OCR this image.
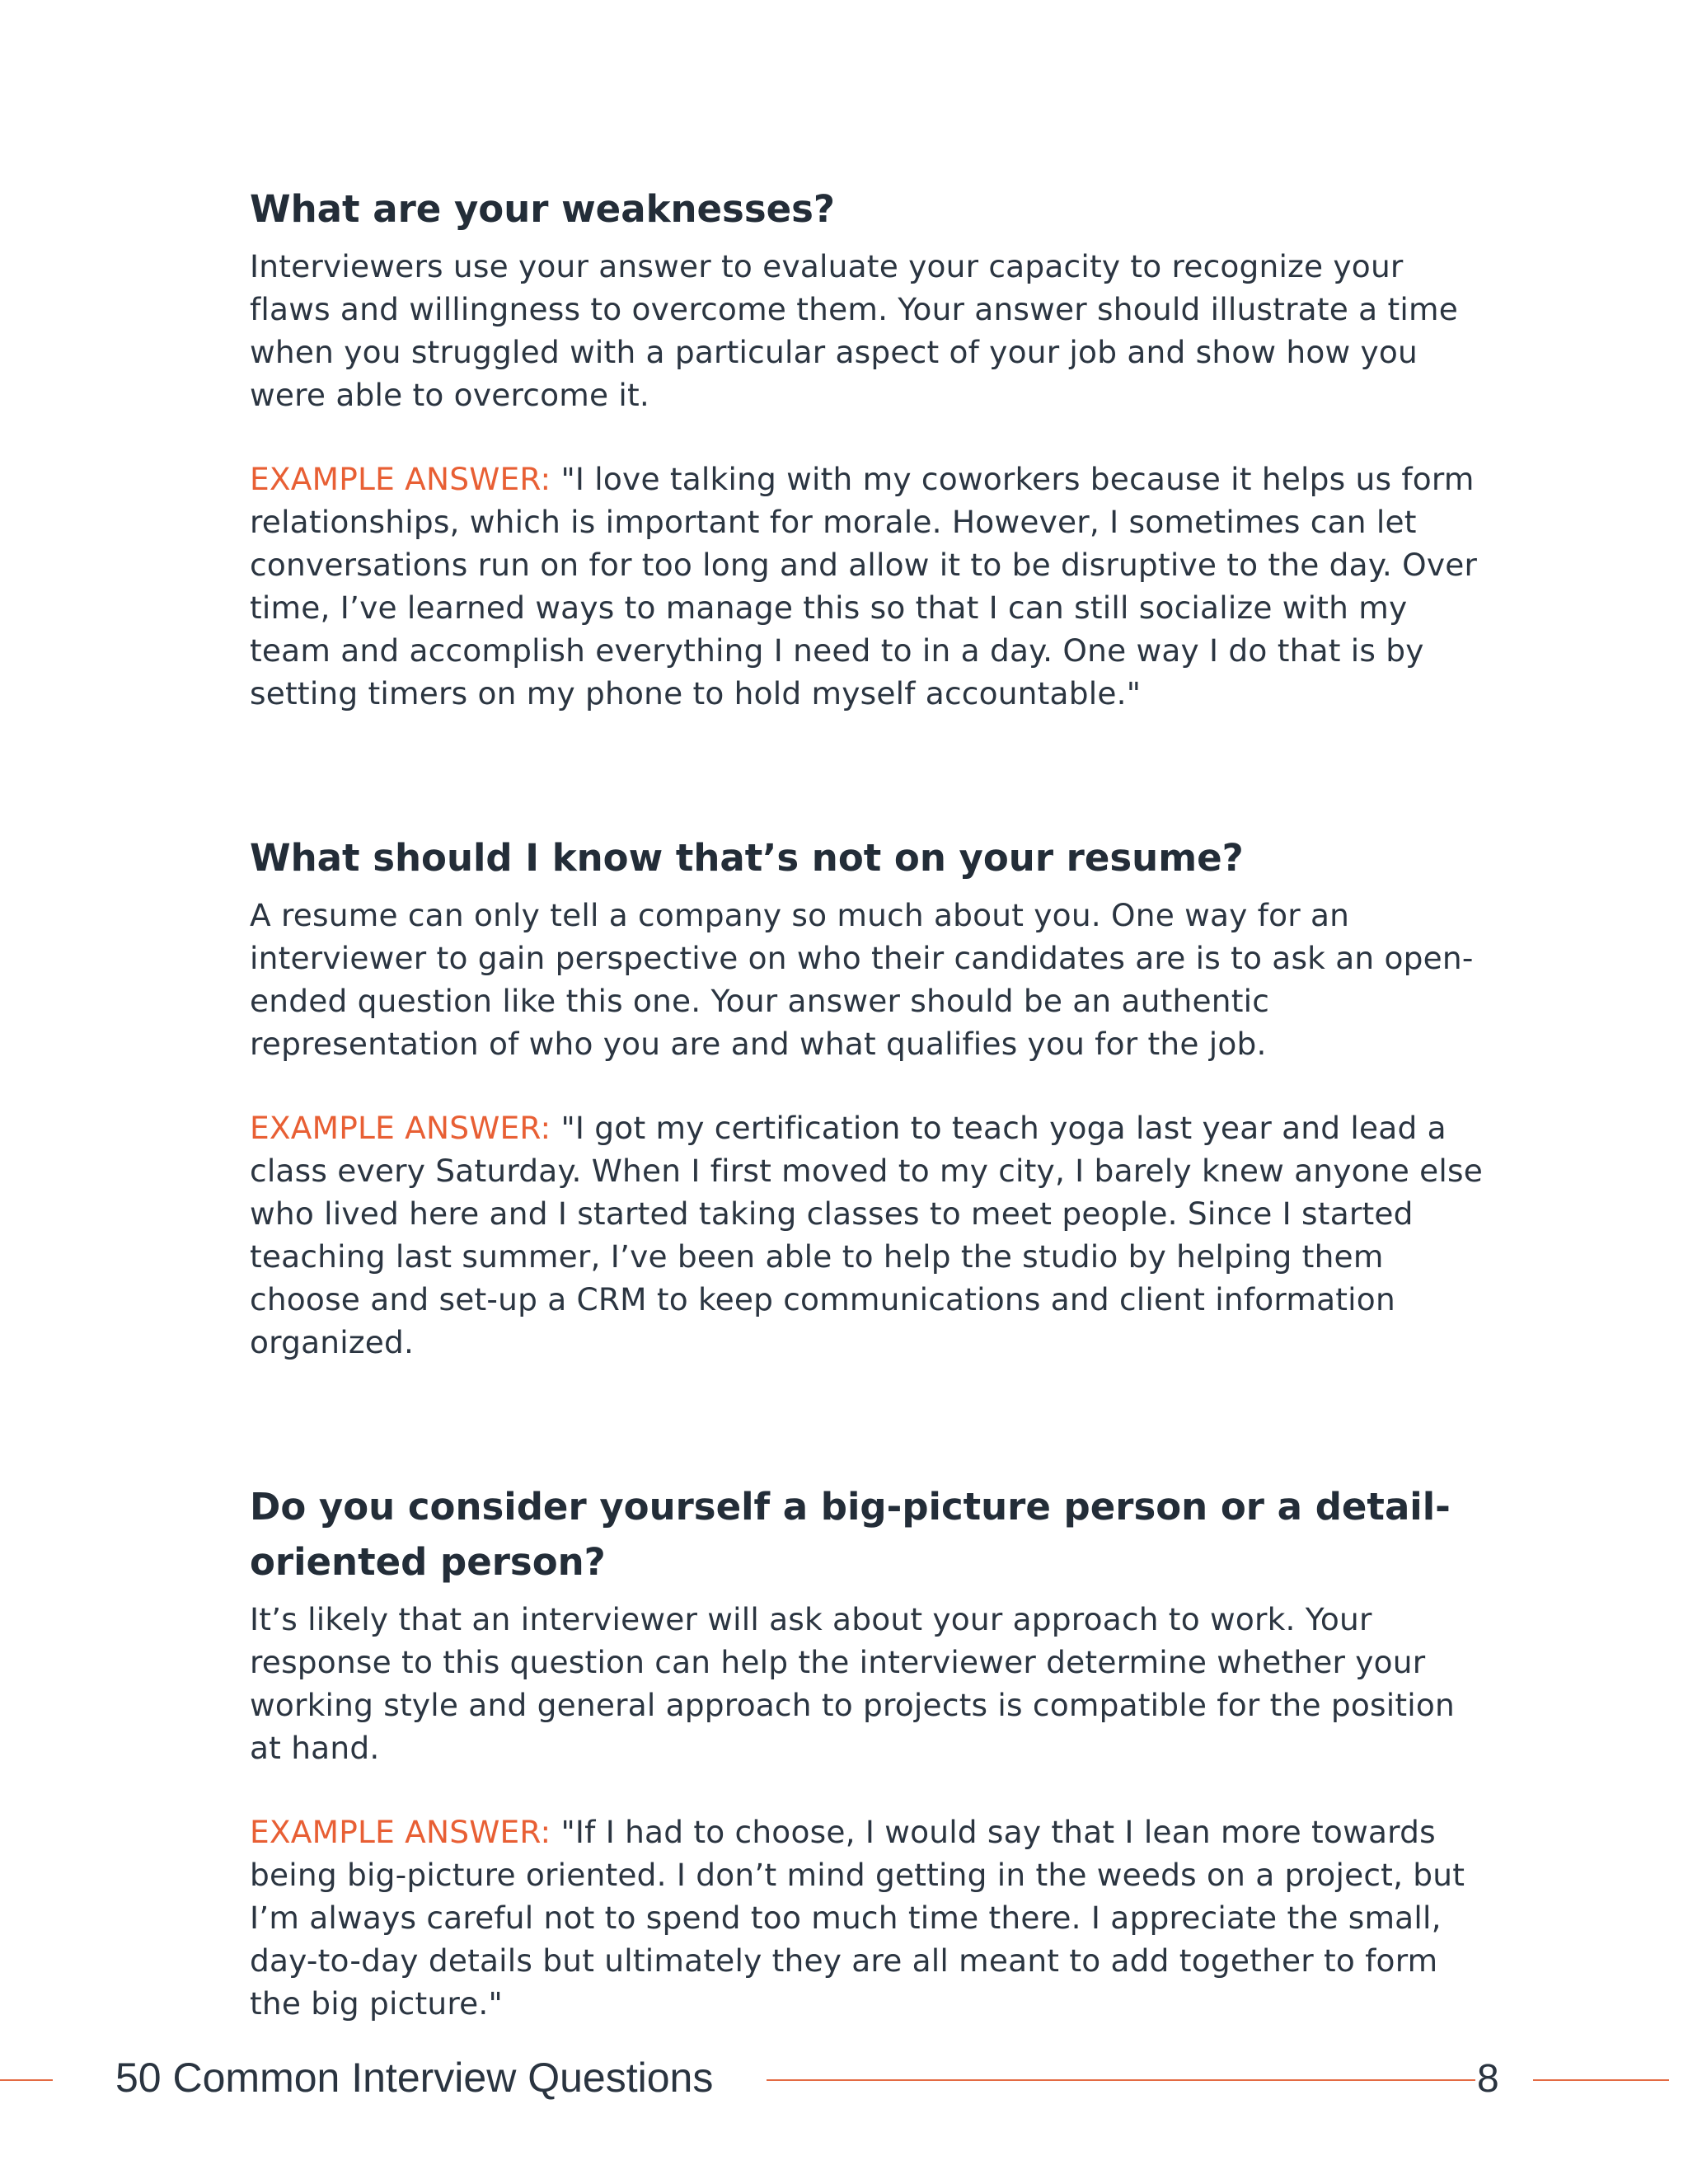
What are your weaknesses?

Interviewers use your answer to evaluate your capacity to recognize your flaws and willingness to overcome them. Your answer should illustrate a time when you struggled with a particular aspect of your job and show how you were able to overcome it.

EXAMPLE ANSWER: "I love talking with my coworkers because it helps us form relationships, which is important for morale. However, I sometimes can let conversations run on for too long and allow it to be disruptive to the day. Over time, I’ve learned ways to manage this so that I can still socialize with my team and accomplish everything I need to in a day. One way I do that is by setting timers on my phone to hold myself accountable."

What should I know that’s not on your resume?

A resume can only tell a company so much about you. One way for an interviewer to gain perspective on who their candidates are is to ask an open-ended question like this one. Your answer should be an authentic representation of who you are and what qualifies you for the job.

EXAMPLE ANSWER: "I got my certification to teach yoga last year and lead a class every Saturday. When I first moved to my city, I barely knew anyone else who lived here and I started taking classes to meet people. Since I started teaching last summer, I’ve been able to help the studio by helping them choose and set-up a CRM to keep communications and client information organized.

Do you consider yourself a big-picture person or a detail-oriented person?

It’s likely that an interviewer will ask about your approach to work. Your response to this question can help the interviewer determine whether your working style and general approach to projects is compatible for the position at hand.

EXAMPLE ANSWER: "If I had to choose, I would say that I lean more towards being big-picture oriented. I don’t mind getting in the weeds on a project, but I’m always careful not to spend too much time there. I appreciate the small, day-to-day details but ultimately they are all meant to add together to form the big picture."

50 Common Interview Questions	8
